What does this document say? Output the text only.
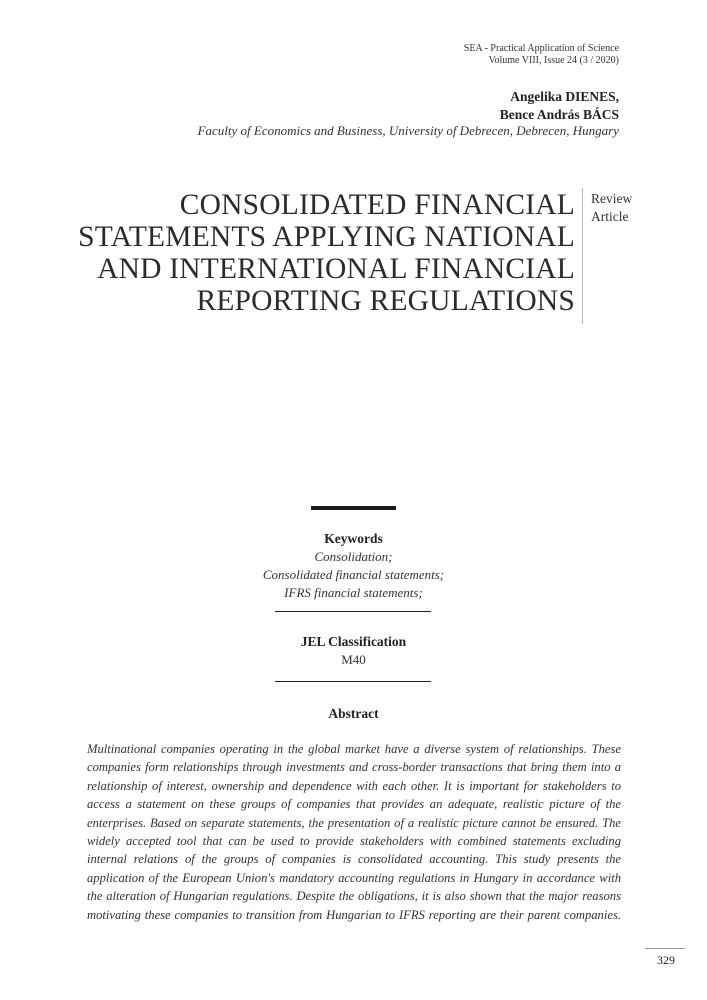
SEA - Practical Application of Science
Volume VIII, Issue 24 (3 / 2020)
Angelika DIENES,
Bence András BÁCS
Faculty of Economics and Business, University of Debrecen, Debrecen, Hungary
CONSOLIDATED FINANCIAL
STATEMENTS APPLYING NATIONAL
AND INTERNATIONAL FINANCIAL
REPORTING REGULATIONS
Review
Article
Keywords
Consolidation;
Consolidated financial statements;
IFRS financial statements;
JEL Classification
M40
Abstract

Multinational companies operating in the global market have a diverse system of relationships. These companies form relationships through investments and cross-border transactions that bring them into a relationship of interest, ownership and dependence with each other. It is important for stakeholders to access a statement on these groups of companies that provides an adequate, realistic picture of the enterprises. Based on separate statements, the presentation of a realistic picture cannot be ensured. The widely accepted tool that can be used to provide stakeholders with combined statements excluding internal relations of the groups of companies is consolidated accounting. This study presents the application of the European Union's mandatory accounting regulations in Hungary in accordance with the alteration of Hungarian regulations. Despite the obligations, it is also shown that the major reasons motivating these companies to transition from Hungarian to IFRS reporting are their parent companies.

329
